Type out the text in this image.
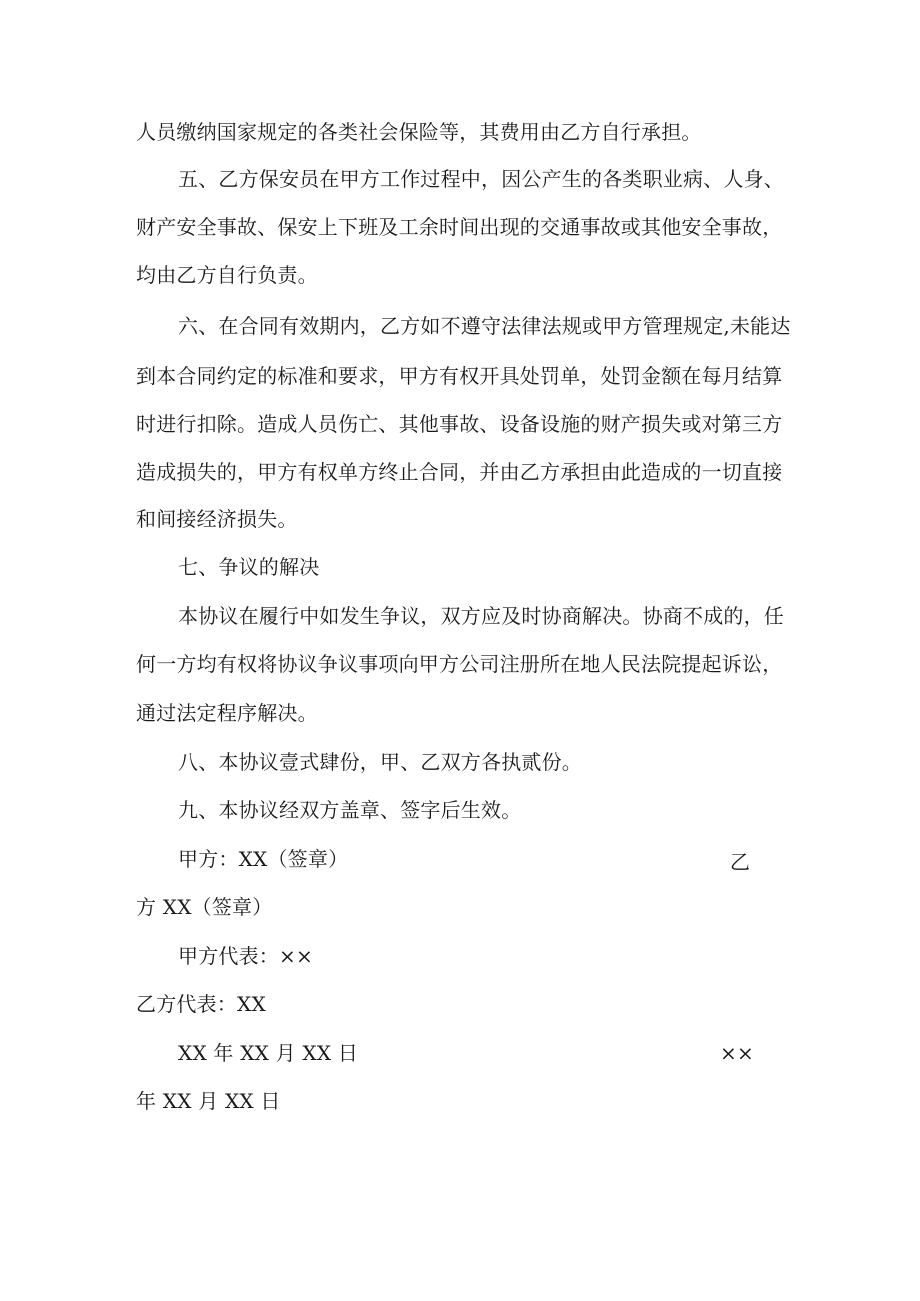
人员缴纳国家规定的各类社会保险等，其费用由乙方自行承担。
五、乙方保安员在甲方工作过程中，因公产生的各类职业病、人身、
财产安全事故、保安上下班及工余时间出现的交通事故或其他安全事故，
均由乙方自行负责。
六、在合同有效期内，乙方如不遵守法律法规或甲方管理规定,未能达
到本合同约定的标准和要求，甲方有权开具处罚单，处罚金额在每月结算
时进行扣除。造成人员伤亡、其他事故、设备设施的财产损失或对第三方
造成损失的，甲方有权单方终止合同，并由乙方承担由此造成的一切直接
和间接经济损失。
七、争议的解决
本协议在履行中如发生争议，双方应及时协商解决。协商不成的，任
何一方均有权将协议争议事项向甲方公司注册所在地人民法院提起诉讼，
通过法定程序解决。
八、本协议壹式肆份，甲、乙双方各执贰份。
九、本协议经双方盖章、签字后生效。
甲方：XX（签章）	乙
方 XX（签章）
甲方代表：××
乙方代表：XX
XX 年 XX 月 XX 日	××
年 XX 月 XX 日
